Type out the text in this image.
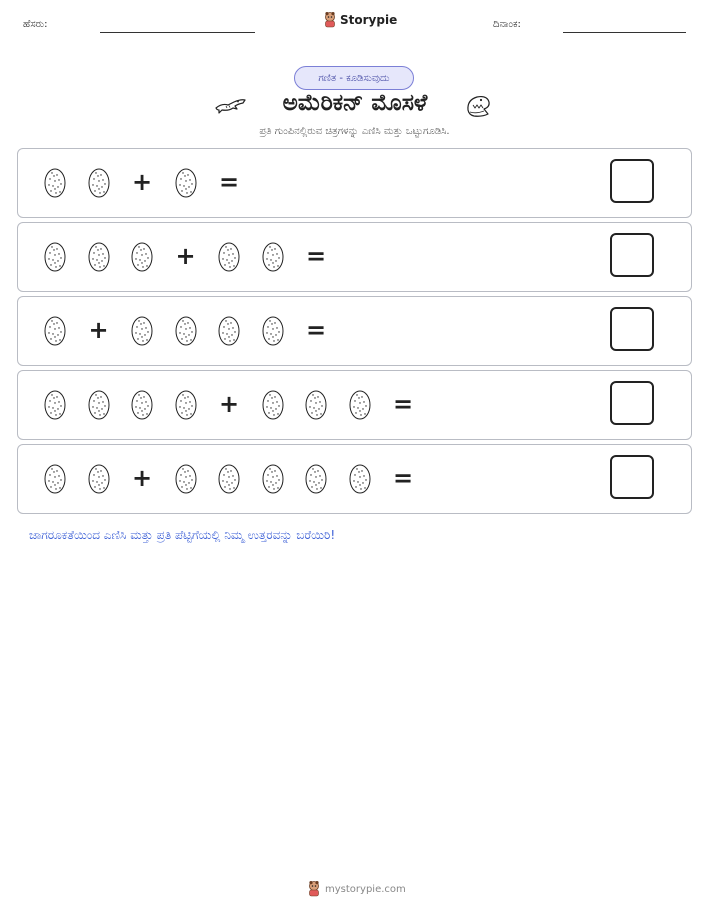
ಹೆಸರು:	Storypie	ದಿನಾಂಕ:
ಗಣಿತ - ಕೂಡಿಸುವುದು
ಅಮೆರಿಕನ್ ಮೊಸಳೆ
ಪ್ರತಿ ಗುಂಪಿನಲ್ಲಿರುವ ಚಿತ್ರಗಳನ್ನು ಎಣಿಸಿ ಮತ್ತು ಒಟ್ಟುಗೂಡಿಸಿ.
+	=
+	=
+	=
+	=
+	=
ಜಾಗರೂಕತೆಯಿಂದ ಎಣಿಸಿ ಮತ್ತು ಪ್ರತಿ ಪೆಟ್ಟಿಗೆಯಲ್ಲಿ ನಿಮ್ಮ ಉತ್ತರವನ್ನು ಬರೆಯಿರಿ!
mystorypie.com
